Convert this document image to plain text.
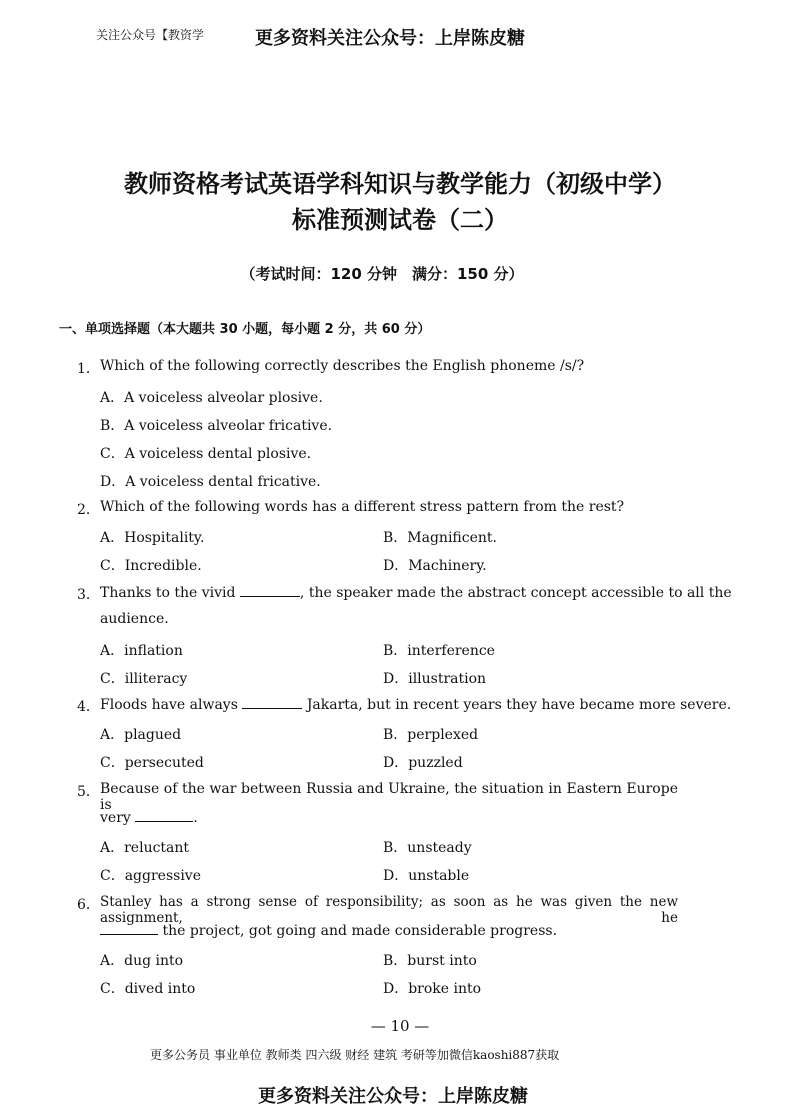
关注公众号【教资学	更多资料关注公众号：上岸陈皮糖
教师资格考试英语学科知识与教学能力（初级中学）
标准预测试卷（二）
（考试时间：120 分钟　满分：150 分）
一、单项选择题（本大题共 30 小题，每小题 2 分，共 60 分）
1． Which of the following correctly describes the English phoneme /s/?
A．A voiceless alveolar plosive.
B．A voiceless alveolar fricative.
C．A voiceless dental plosive.
D．A voiceless dental fricative.
2． Which of the following words has a different stress pattern from the rest?
A．Hospitality.	B．Magnificent.
C．Incredible.	D．Machinery.
3． Thanks to the vivid	, the speaker made the abstract concept accessible to all the
audience.
A．inflation	B．interference
C．illiteracy	D．illustration
4． Floods have always	Jakarta, but in recent years they have became more severe.
A．plagued	B．perplexed
C．persecuted	D．puzzled
5． Because of the war between Russia and Ukraine, the situation in Eastern Europe is
very	.
A．reluctant	B．unsteady
C．aggressive	D．unstable
6． Stanley has a strong sense of responsibility; as soon as he was given the new assignment, he
the project, got going and made considerable progress.
A．dug into	B．burst into
C．dived into	D．broke into
— 10 —
更多公务员 事业单位 教师类 四六级 财经 建筑 考研等加微信kaoshi887获取
更多资料关注公众号：上岸陈皮糖
